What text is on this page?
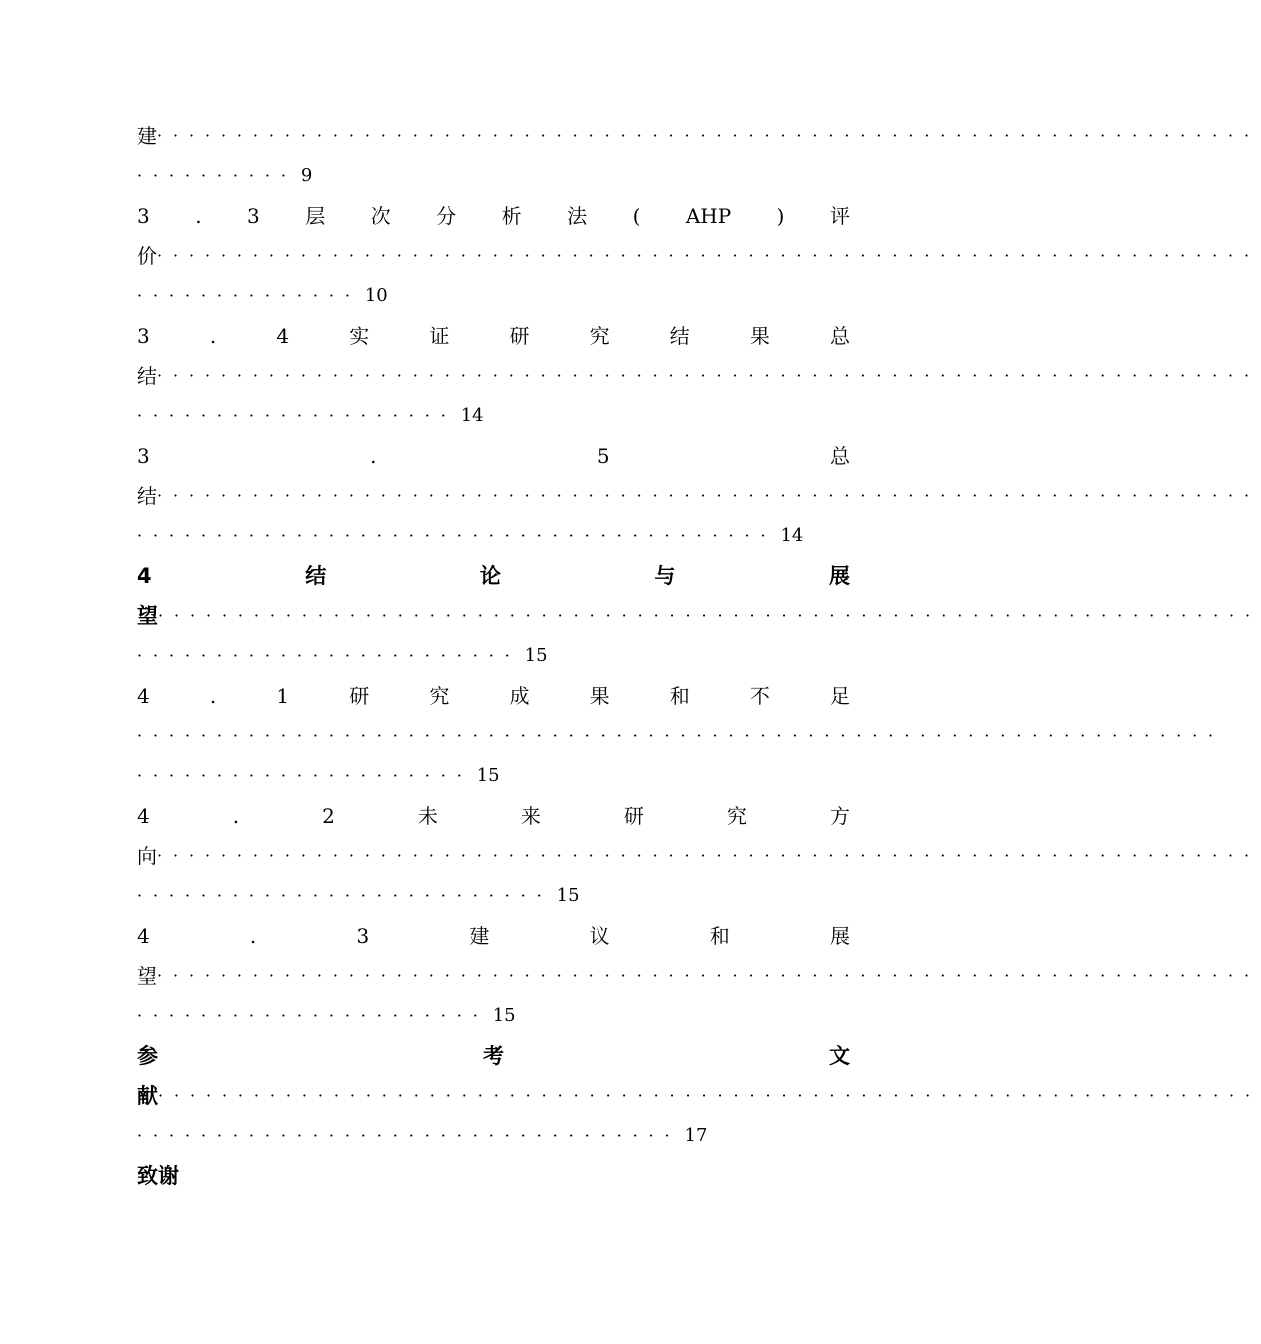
建 ·····································································
·········· 9
3 . 3 层 次 分 析 法 ( AHP ) 评
价 ·····································································
·············· 10
3	.	4	实	证	研	究	结	果	总
结 ·····································································
···················· 14
3	.	5	总
结 ·····································································
········································ 14
4	结	论	与	展
望 ·····································································
························ 15
4	.	1	研	究	成	果	和	不	足
····································································
····················· 15
4	.	2	未	来	研	究	方
向 ·····································································
·························· 15
4	.	3	建	议	和	展
望 ·····································································
······················ 15
参	考	文
献 ·····································································
·································· 17
致谢
